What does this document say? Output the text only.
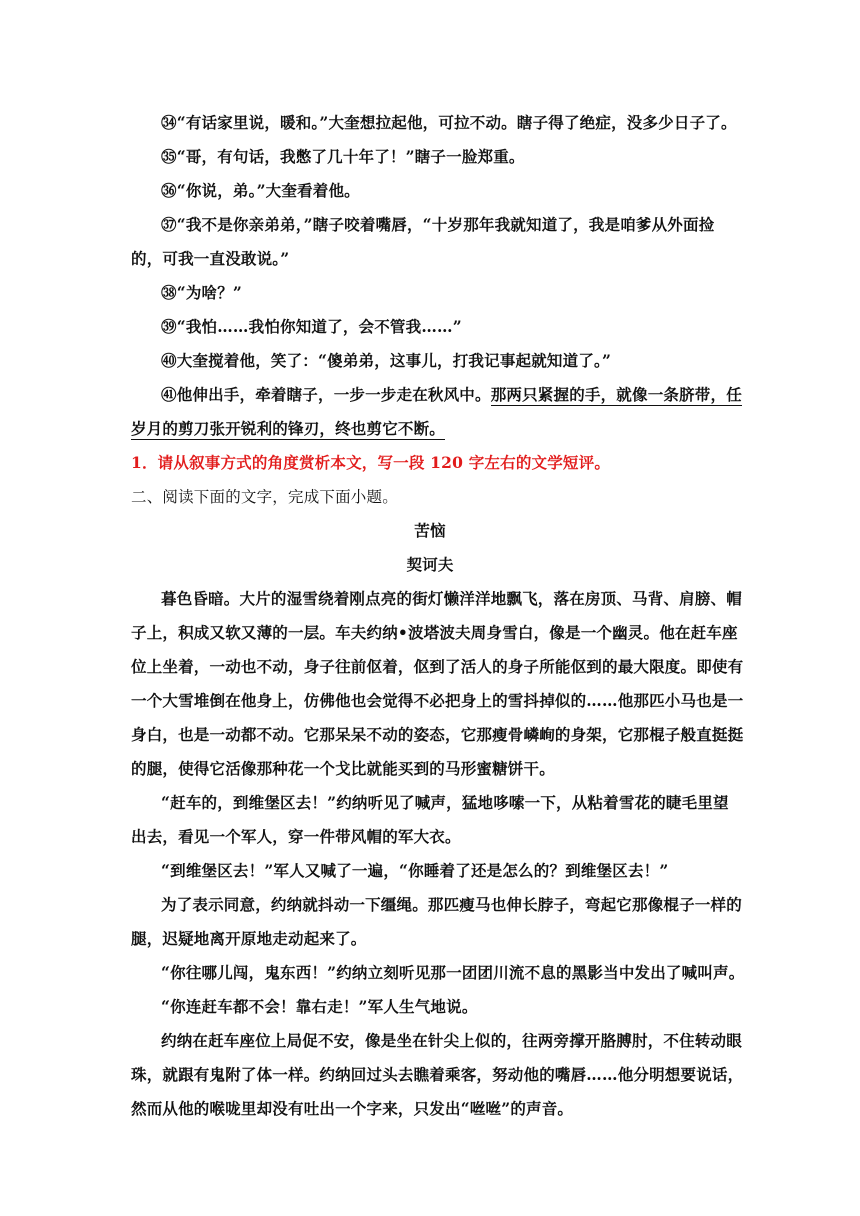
㉞“有话家里说，暖和。”大奎想拉起他，可拉不动。瞎子得了绝症，没多少日子了。
㉟“哥，有句话，我憋了几十年了！”瞎子一脸郑重。
㊱“你说，弟。”大奎看着他。
㊲“我不是你亲弟弟，”瞎子咬着嘴唇，“十岁那年我就知道了，我是咱爹从外面捡
的，可我一直没敢说。”
㊳“为啥？”
㊴“我怕……我怕你知道了，会不管我……”
㊵大奎搅着他，笑了：“傻弟弟，这事儿，打我记事起就知道了。”
㊶他伸出手，牵着瞎子，一步一步走在秋风中。那两只紧握的手，就像一条脐带，任
岁月的剪刀张开锐利的锋刃，终也剪它不断。
1．请从叙事方式的角度赏析本文，写一段 120 字左右的文学短评。
二、阅读下面的文字，完成下面小题。
苦恼
契诃夫
暮色昏暗。大片的湿雪绕着刚点亮的街灯懒洋洋地飘飞，落在房顶、马背、肩膀、帽
子上，积成又软又薄的一层。车夫约纳•波塔波夫周身雪白，像是一个幽灵。他在赶车座
位上坐着，一动也不动，身子往前伛着，伛到了活人的身子所能伛到的最大限度。即使有
一个大雪堆倒在他身上，仿佛他也会觉得不必把身上的雪抖掉似的……他那匹小马也是一
身白，也是一动都不动。它那呆呆不动的姿态，它那瘦骨嶙峋的身架，它那棍子般直挺挺
的腿，使得它活像那种花一个戈比就能买到的马形蜜糖饼干。
“赶车的，到维堡区去！”约纳听见了喊声，猛地哆嗦一下，从粘着雪花的睫毛里望
出去，看见一个军人，穿一件带风帽的军大衣。
“到维堡区去！”军人又喊了一遍，“你睡着了还是怎么的？到维堡区去！”
为了表示同意，约纳就抖动一下缰绳。那匹瘦马也伸长脖子，弯起它那像棍子一样的
腿，迟疑地离开原地走动起来了。
“你往哪儿闯，鬼东西！”约纳立刻听见那一团团川流不息的黑影当中发出了喊叫声。
“你连赶车都不会！靠右走！”军人生气地说。
约纳在赶车座位上局促不安，像是坐在针尖上似的，往两旁撑开胳膊肘，不住转动眼
珠，就跟有鬼附了体一样。约纳回过头去瞧着乘客，努动他的嘴唇……他分明想要说话，
然而从他的喉咙里却没有吐出一个字来，只发出“咝咝”的声音。
